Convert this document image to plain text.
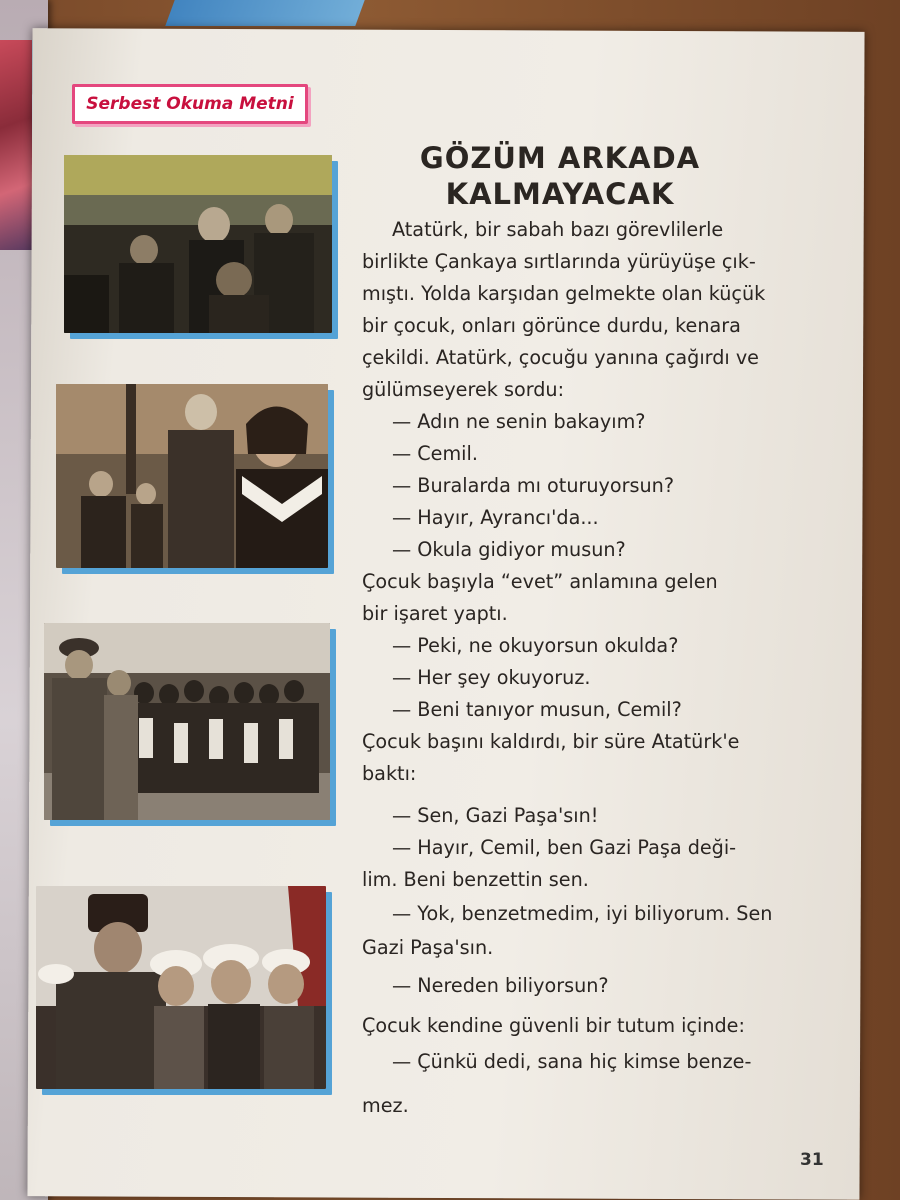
Serbest Okuma Metni
GÖZÜM ARKADA
KALMAYACAK
Atatürk, bir sabah bazı görevlilerle
birlikte Çankaya sırtlarında yürüyüşe çık-
mıştı. Yolda karşıdan gelmekte olan küçük
bir çocuk, onları görünce durdu, kenara
çekildi. Atatürk, çocuğu yanına çağırdı ve
gülümseyerek sordu:
— Adın ne senin bakayım?
— Cemil.
— Buralarda mı oturuyorsun?
— Hayır, Ayrancı'da...
— Okula gidiyor musun?
Çocuk başıyla “evet” anlamına gelen
bir işaret yaptı.
— Peki, ne okuyorsun okulda?
— Her şey okuyoruz.
— Beni tanıyor musun, Cemil?
Çocuk başını kaldırdı, bir süre Atatürk'e
baktı:
— Sen, Gazi Paşa'sın!
— Hayır, Cemil, ben Gazi Paşa deği-
lim. Beni benzettin sen.
— Yok, benzetmedim, iyi biliyorum. Sen
Gazi Paşa'sın.
— Nereden biliyorsun?
Çocuk kendine güvenli bir tutum içinde:
— Çünkü dedi, sana hiç kimse benze-
mez.
31
